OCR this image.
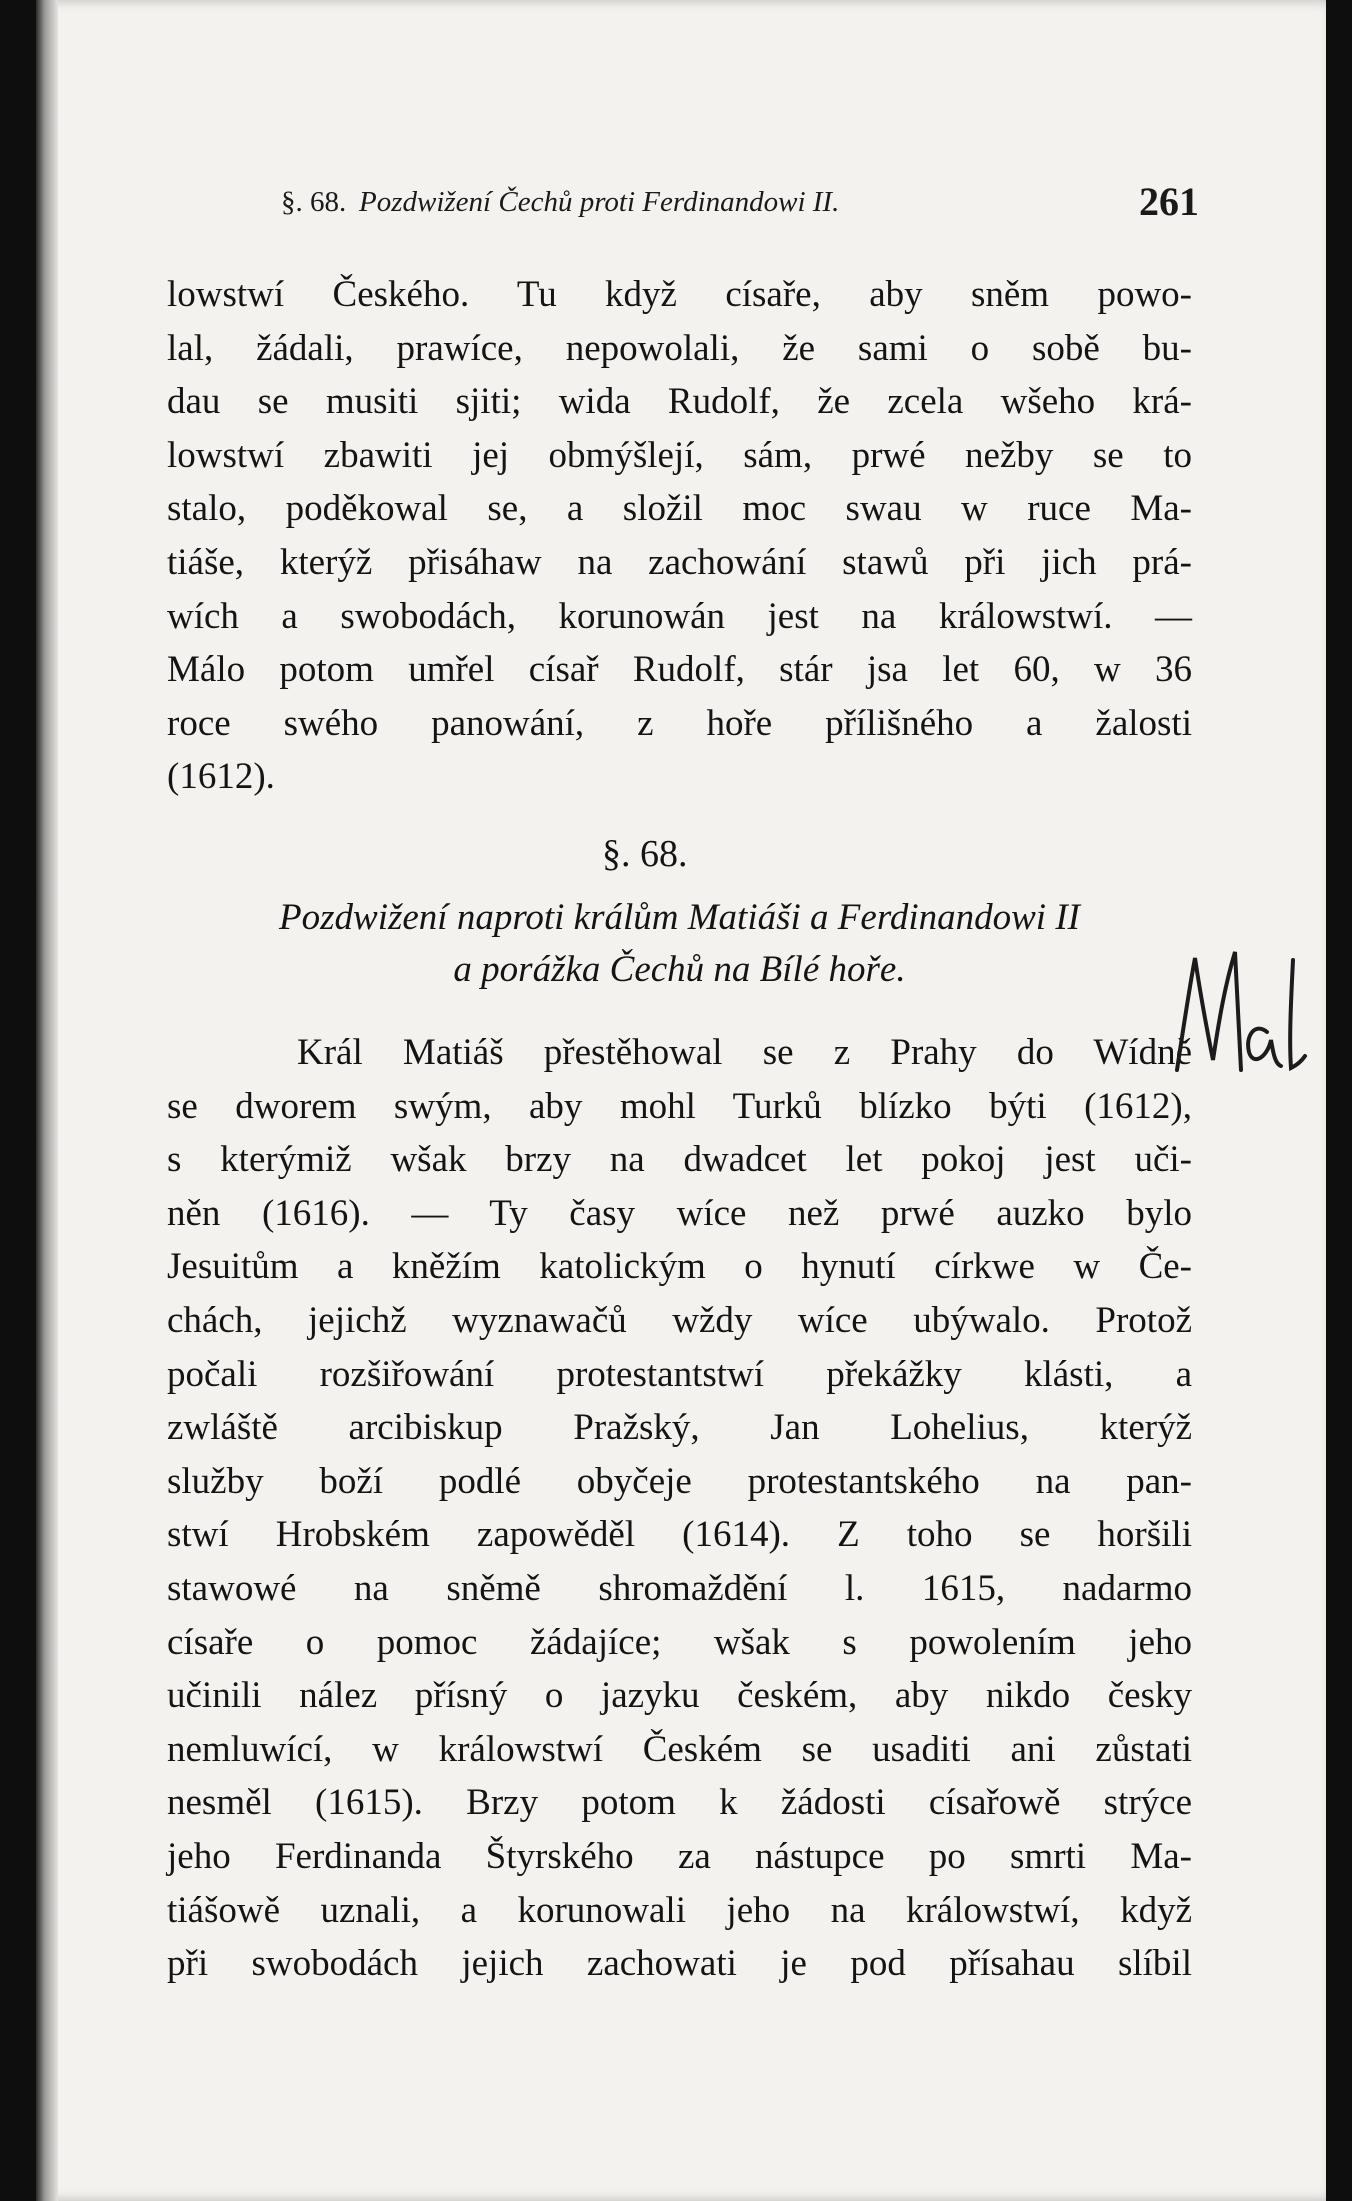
§. 68. Pozdwižení Čechů proti Ferdinandowi II.	261
lowstwí Českého. Tu když císaře, aby sněm powo-
lal, žádali, prawíce, nepowolali, že sami o sobě bu-
dau se musiti sjiti; wida Rudolf, že zcela wšeho krá-
lowstwí zbawiti jej obmýšlejí, sám, prwé nežby se to
stalo, poděkowal se, a složil moc swau w ruce Ma-
tiáše, kterýž přisáhaw na zachowání stawů při jich prá-
wích a swobodách, korunowán jest na králowstwí. —
Málo potom umřel císař Rudolf, stár jsa let 60, w 36
roce swého panowání, z hoře přílišného a žalosti
(1612).
§. 68.
Pozdwižení naproti králům Matiáši a Ferdinandowi II
a porážka Čechů na Bílé hoře.
Král Matiáš přestěhowal se z Prahy do Wídně
se dworem swým, aby mohl Turků blízko býti (1612),
s kterýmiž wšak brzy na dwadcet let pokoj jest uči-
něn (1616). — Ty časy wíce než prwé auzko bylo
Jesuitům a kněžím katolickým o hynutí církwe w Če-
chách, jejichž wyznawačů wždy wíce ubýwalo. Protož
počali rozšiřowání protestantstwí překážky klásti, a
zwláště arcibiskup Pražský, Jan Lohelius, kterýž
služby boží podlé obyčeje protestantského na pan-
stwí Hrobském zapowěděl (1614). Z toho se horšili
stawowé na sněmě shromaždění l. 1615, nadarmo
císaře o pomoc žádajíce; wšak s powolením jeho
učinili nález přísný o jazyku českém, aby nikdo česky
nemluwící, w králowstwí Českém se usaditi ani zůstati
nesměl (1615). Brzy potom k žádosti císařowě strýce
jeho Ferdinanda Štyrského za nástupce po smrti Ma-
tiášowě uznali, a korunowali jeho na králowstwí, když
při swobodách jejich zachowati je pod přísahau slíbil
